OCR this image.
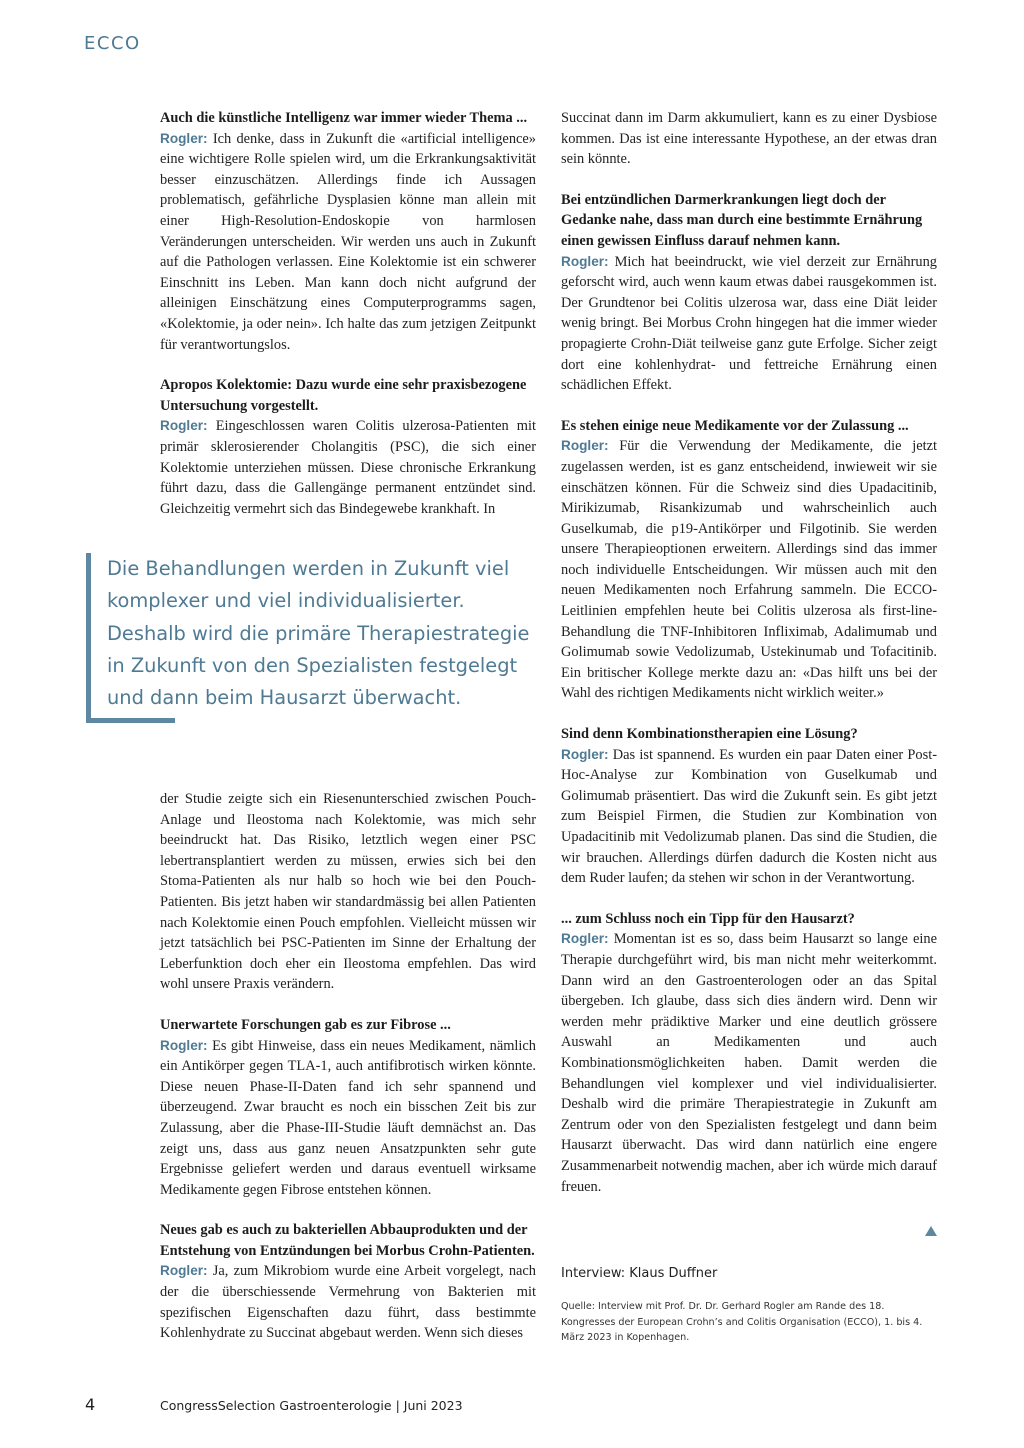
ECCO

Auch die künstliche Intelligenz war immer wieder Thema ...

Rogler: Ich denke, dass in Zukunft die «artificial intelligence» eine wichtigere Rolle spielen wird, um die Erkrankungsaktivität besser einzuschätzen. Allerdings finde ich Aussagen problematisch, gefährliche Dysplasien könne man allein mit einer High-Resolution-Endoskopie von harmlosen Veränderungen unterscheiden. Wir werden uns auch in Zukunft auf die Pathologen verlassen. Eine Kolektomie ist ein schwerer Einschnitt ins Leben. Man kann doch nicht aufgrund der alleinigen Einschätzung eines Computerprogramms sagen, «Kolektomie, ja oder nein». Ich halte das zum jetzigen Zeitpunkt für verantwortungslos.

Apropos Kolektomie: Dazu wurde eine sehr praxisbezogene Untersuchung vorgestellt.

Rogler: Eingeschlossen waren Colitis ulzerosa-Patienten mit primär sklerosierender Cholangitis (PSC), die sich einer Kolektomie unterziehen müssen. Diese chronische Erkrankung führt dazu, dass die Gallengänge permanent entzündet sind. Gleichzeitig vermehrt sich das Bindegewebe krankhaft. In

Die Behandlungen werden in Zukunft viel komplexer und viel individualisierter. Deshalb wird die primäre Therapiestrategie in Zukunft von den Spezialisten festgelegt und dann beim Hausarzt überwacht.

der Studie zeigte sich ein Riesenunterschied zwischen Pouch-Anlage und Ileostoma nach Kolektomie, was mich sehr beeindruckt hat. Das Risiko, letztlich wegen einer PSC lebertransplantiert werden zu müssen, erwies sich bei den Stoma-Patienten als nur halb so hoch wie bei den Pouch-Patienten. Bis jetzt haben wir standardmässig bei allen Patienten nach Kolektomie einen Pouch empfohlen. Vielleicht müssen wir jetzt tatsächlich bei PSC-Patienten im Sinne der Erhaltung der Leberfunktion doch eher ein Ileostoma empfehlen. Das wird wohl unsere Praxis verändern.

Unerwartete Forschungen gab es zur Fibrose ...

Rogler: Es gibt Hinweise, dass ein neues Medikament, nämlich ein Antikörper gegen TLA-1, auch antifibrotisch wirken könnte. Diese neuen Phase-II-Daten fand ich sehr spannend und überzeugend. Zwar braucht es noch ein bisschen Zeit bis zur Zulassung, aber die Phase-III-Studie läuft demnächst an. Das zeigt uns, dass aus ganz neuen Ansatzpunkten sehr gute Ergebnisse geliefert werden und daraus eventuell wirksame Medikamente gegen Fibrose entstehen können.

Neues gab es auch zu bakteriellen Abbauprodukten und der Entstehung von Entzündungen bei Morbus Crohn-Patienten.

Rogler: Ja, zum Mikrobiom wurde eine Arbeit vorgelegt, nach der die überschiessende Vermehrung von Bakterien mit spezifischen Eigenschaften dazu führt, dass bestimmte Kohlenhydrate zu Succinat abgebaut werden. Wenn sich dieses

Succinat dann im Darm akkumuliert, kann es zu einer Dysbiose kommen. Das ist eine interessante Hypothese, an der etwas dran sein könnte.

Bei entzündlichen Darmerkrankungen liegt doch der Gedanke nahe, dass man durch eine bestimmte Ernährung einen gewissen Einfluss darauf nehmen kann.

Rogler: Mich hat beeindruckt, wie viel derzeit zur Ernährung geforscht wird, auch wenn kaum etwas dabei rausgekommen ist. Der Grundtenor bei Colitis ulzerosa war, dass eine Diät leider wenig bringt. Bei Morbus Crohn hingegen hat die immer wieder propagierte Crohn-Diät teilweise ganz gute Erfolge. Sicher zeigt dort eine kohlenhydrat- und fettreiche Ernährung einen schädlichen Effekt.

Es stehen einige neue Medikamente vor der Zulassung ...

Rogler: Für die Verwendung der Medikamente, die jetzt zugelassen werden, ist es ganz entscheidend, inwieweit wir sie einschätzen können. Für die Schweiz sind dies Upadacitinib, Mirikizumab, Risankizumab und wahrscheinlich auch Guselkumab, die p19-Antikörper und Filgotinib. Sie werden unsere Therapieoptionen erweitern. Allerdings sind das immer noch individuelle Entscheidungen. Wir müssen auch mit den neuen Medikamenten noch Erfahrung sammeln. Die ECCO-Leitlinien empfehlen heute bei Colitis ulzerosa als first-line-Behandlung die TNF-Inhibitoren Infliximab, Adalimumab und Golimumab sowie Vedolizumab, Ustekinumab und Tofacitinib. Ein britischer Kollege merkte dazu an: «Das hilft uns bei der Wahl des richtigen Medikaments nicht wirklich weiter.»

Sind denn Kombinationstherapien eine Lösung?

Rogler: Das ist spannend. Es wurden ein paar Daten einer Post-Hoc-Analyse zur Kombination von Guselkumab und Golimumab präsentiert. Das wird die Zukunft sein. Es gibt jetzt zum Beispiel Firmen, die Studien zur Kombination von Upadacitinib mit Vedolizumab planen. Das sind die Studien, die wir brauchen. Allerdings dürfen dadurch die Kosten nicht aus dem Ruder laufen; da stehen wir schon in der Verantwortung.

... zum Schluss noch ein Tipp für den Hausarzt?

Rogler: Momentan ist es so, dass beim Hausarzt so lange eine Therapie durchgeführt wird, bis man nicht mehr weiterkommt. Dann wird an den Gastroenterologen oder an das Spital übergeben. Ich glaube, dass sich dies ändern wird. Denn wir werden mehr prädiktive Marker und eine deutlich grössere Auswahl an Medikamenten und auch Kombinationsmöglichkeiten haben. Damit werden die Behandlungen viel komplexer und viel individualisierter. Deshalb wird die primäre Therapiestrategie in Zukunft am Zentrum oder von den Spezialisten festgelegt und dann beim Hausarzt überwacht. Das wird dann natürlich eine engere Zusammenarbeit notwendig machen, aber ich würde mich darauf freuen.

Interview: Klaus Duffner
Quelle: Interview mit Prof. Dr. Dr. Gerhard Rogler am Rande des 18. Kongresses der European Crohn’s and Colitis Organisation (ECCO), 1. bis 4. März 2023 in Kopenhagen.
4	CongressSelection Gastroenterologie | Juni 2023
